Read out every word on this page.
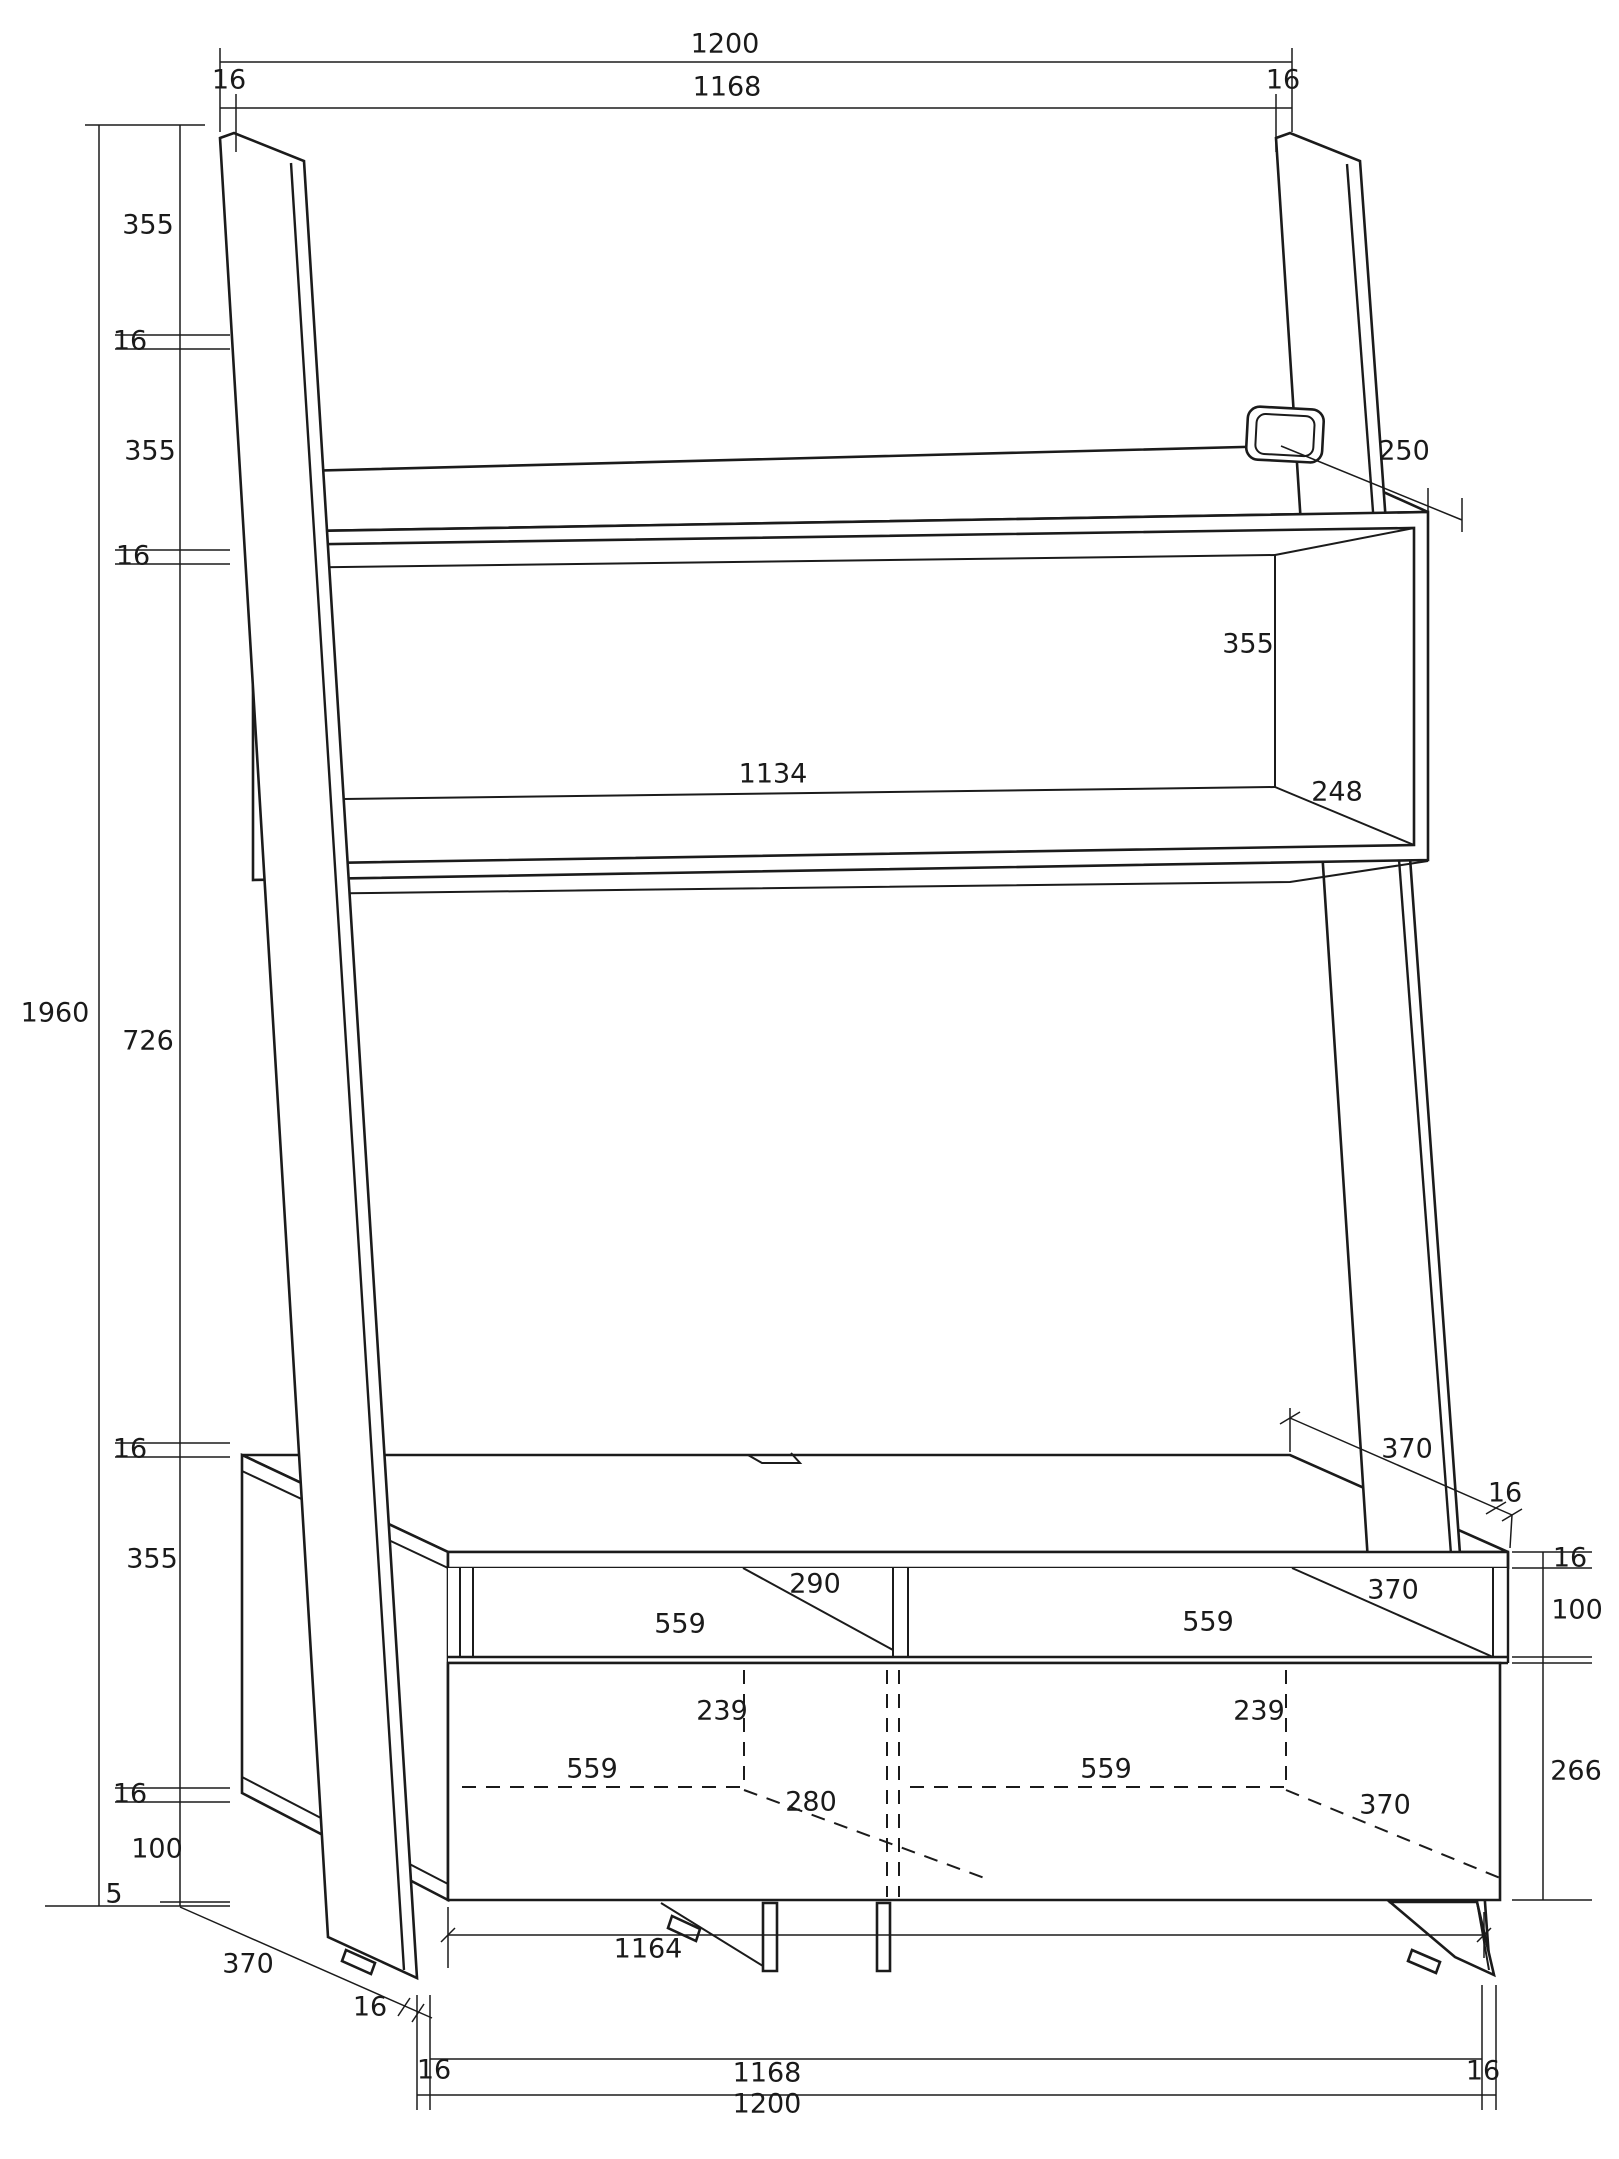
1200
16	1168	16
355
16
355
16
1960
726
16
355
16
100
5
250
355
1134
248
370
16
16
100
266
290
559
370
559
239
559
280
239
559
370
1164
370
16
16	1168	16
1200
